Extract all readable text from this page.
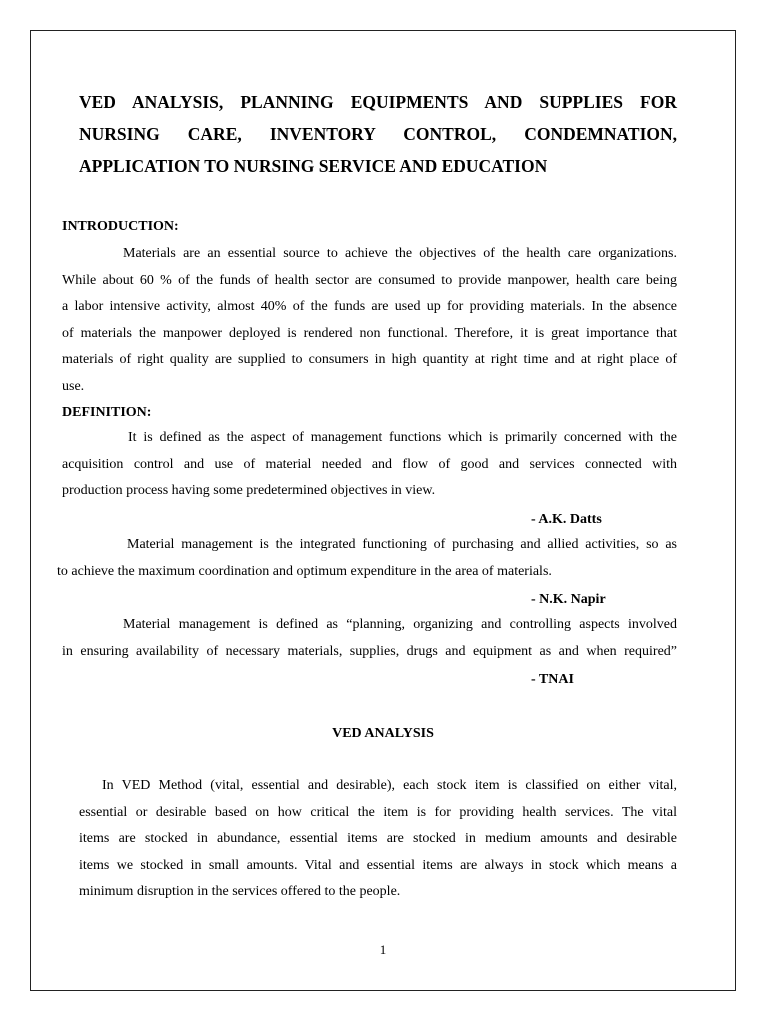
VED ANALYSIS, PLANNING EQUIPMENTS AND SUPPLIES FOR
NURSING CARE, INVENTORY CONTROL, CONDEMNATION,
APPLICATION TO NURSING SERVICE AND EDUCATION

INTRODUCTION:

Materials are an essential source to achieve the objectives of the health care organizations.
While about 60 % of the funds of health sector are consumed to provide manpower, health care being
a labor intensive activity, almost 40% of the funds are used up for providing materials. In the absence
of materials the manpower deployed is rendered non functional. Therefore, it is great importance that
materials of right quality are supplied to consumers in high quantity at right time and at right place of
use.

DEFINITION:

It is defined as the aspect of management functions which is primarily concerned with the
acquisition control and use of material needed and flow of good and services connected with
production process having some predetermined objectives in view.

- A.K. Datts

Material management is the integrated functioning of purchasing and allied activities, so as
to achieve the maximum coordination and optimum expenditure in the area of materials.

- N.K. Napir

Material management is defined as “planning, organizing and controlling aspects involved
in ensuring availability of necessary materials, supplies, drugs and equipment as and when required”

- TNAI

VED ANALYSIS

In VED Method (vital, essential and desirable), each stock item is classified on either vital,
essential or desirable based on how critical the item is for providing health services. The vital
items are stocked in abundance, essential items are stocked in medium amounts and desirable
items we stocked in small amounts. Vital and essential items are always in stock which means a
minimum disruption in the services offered to the people.

1
